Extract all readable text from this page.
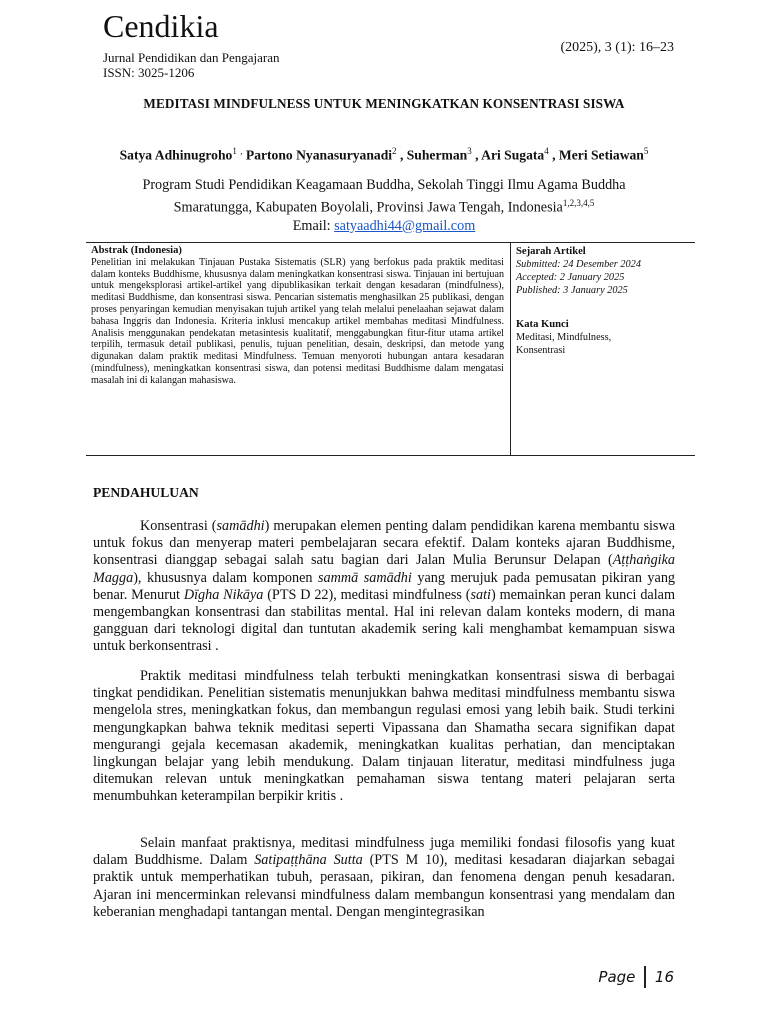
Cendikia
Jurnal Pendidikan dan Pengajaran
ISSN: 3025-1206
(2025), 3 (1): 16–23
MEDITASI MINDFULNESS UNTUK MENINGKATKAN KONSENTRASI SISWA
Satya Adhinugroho$^1$ , Partono Nyanasuryanadi$^2$ , Suherman$^3$ , Ari Sugata$^4$ , Meri Setiawan$^5$
Program Studi Pendidikan Keagamaan Buddha, Sekolah Tinggi Ilmu Agama Buddha
Smaratungga, Kabupaten Boyolali, Provinsi Jawa Tengah, Indonesia$^{1,2,3,4,5}$
Email: satyaadhi44@gmail.com
Abstrak (Indonesia)
Penelitian ini melakukan Tinjauan Pustaka Sistematis (SLR) yang berfokus pada praktik meditasi dalam konteks Buddhisme, khususnya dalam meningkatkan konsentrasi siswa. Tinjauan ini bertujuan untuk mengeksplorasi artikel-artikel yang dipublikasikan terkait dengan kesadaran (mindfulness), meditasi Buddhisme, dan konsentrasi siswa. Pencarian sistematis menghasilkan 25 publikasi, dengan proses penyaringan kemudian menyisakan tujuh artikel yang telah melalui penelaahan sejawat dalam bahasa Inggris dan Indonesia. Kriteria inklusi mencakup artikel membahas meditasi Mindfulness. Analisis menggunakan pendekatan metasintesis kualitatif, menggabungkan fitur-fitur utama artikel terpilih, termasuk detail publikasi, penulis, tujuan penelitian, desain, deskripsi, dan metode yang digunakan dalam praktik meditasi Mindfulness. Temuan menyoroti hubungan antara kesadaran (mindfulness), meningkatkan konsentrasi siswa, dan potensi meditasi Buddhisme dalam mengatasi masalah ini di kalangan mahasiswa.
Sejarah Artikel
Submitted: 24 Desember 2024
Accepted: 2 January 2025
Published: 3 January 2025
Kata Kunci
Meditasi, Mindfulness,
Konsentrasi
PENDAHULUAN

Konsentrasi (samādhi) merupakan elemen penting dalam pendidikan karena membantu siswa untuk fokus dan menyerap materi pembelajaran secara efektif. Dalam konteks ajaran Buddhisme, konsentrasi dianggap sebagai salah satu bagian dari Jalan Mulia Berunsur Delapan (Aṭṭhaṅgika Magga), khususnya dalam komponen sammā samādhi yang merujuk pada pemusatan pikiran yang benar. Menurut Dīgha Nikāya (PTS D 22), meditasi mindfulness (sati) memainkan peran kunci dalam mengembangkan konsentrasi dan stabilitas mental. Hal ini relevan dalam konteks modern, di mana gangguan dari teknologi digital dan tuntutan akademik sering kali menghambat kemampuan siswa untuk berkonsentrasi .

Praktik meditasi mindfulness telah terbukti meningkatkan konsentrasi siswa di berbagai tingkat pendidikan. Penelitian sistematis menunjukkan bahwa meditasi mindfulness membantu siswa mengelola stres, meningkatkan fokus, dan membangun regulasi emosi yang lebih baik. Studi terkini mengungkapkan bahwa teknik meditasi seperti Vipassana dan Shamatha secara signifikan dapat mengurangi gejala kecemasan akademik, meningkatkan kualitas perhatian, dan menciptakan lingkungan belajar yang lebih mendukung. Dalam tinjauan literatur, meditasi mindfulness juga ditemukan relevan untuk meningkatkan pemahaman siswa tentang materi pelajaran serta menumbuhkan keterampilan berpikir kritis .

Selain manfaat praktisnya, meditasi mindfulness juga memiliki fondasi filosofis yang kuat dalam Buddhisme. Dalam Satipaṭṭhāna Sutta (PTS M 10), meditasi kesadaran diajarkan sebagai praktik untuk memperhatikan tubuh, perasaan, pikiran, dan fenomena dengan penuh kesadaran. Ajaran ini mencerminkan relevansi mindfulness dalam membangun konsentrasi yang mendalam dan keberanian menghadapi tantangan mental. Dengan mengintegrasikan

Page 16
